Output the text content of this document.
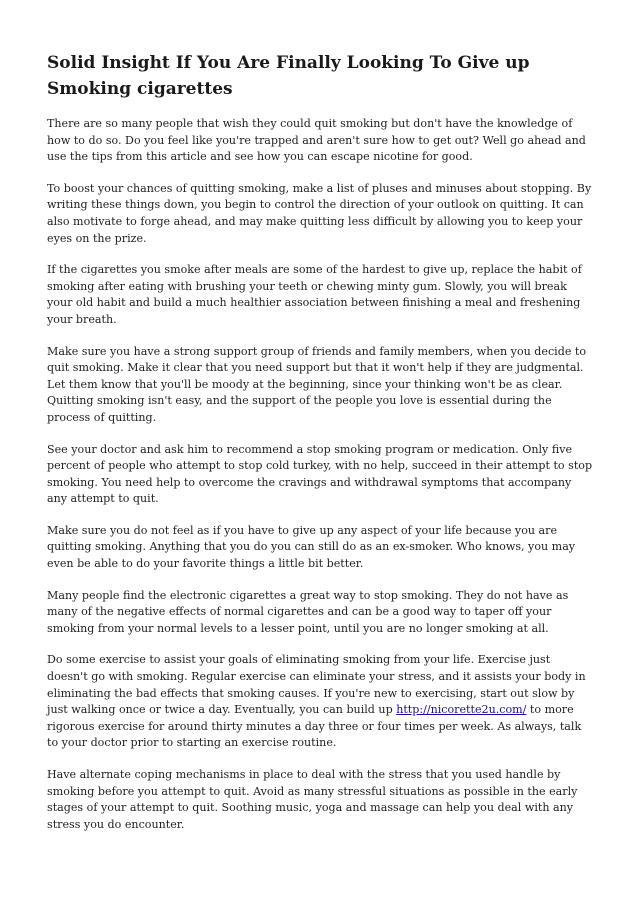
Solid Insight If You Are Finally Looking To Give up Smoking cigarettes

There are so many people that wish they could quit smoking but don't have the knowledge of how to do so. Do you feel like you're trapped and aren't sure how to get out? Well go ahead and use the tips from this article and see how you can escape nicotine for good.

To boost your chances of quitting smoking, make a list of pluses and minuses about stopping. By writing these things down, you begin to control the direction of your outlook on quitting. It can also motivate to forge ahead, and may make quitting less difficult by allowing you to keep your eyes on the prize.

If the cigarettes you smoke after meals are some of the hardest to give up, replace the habit of smoking after eating with brushing your teeth or chewing minty gum. Slowly, you will break your old habit and build a much healthier association between finishing a meal and freshening your breath.

Make sure you have a strong support group of friends and family members, when you decide to quit smoking. Make it clear that you need support but that it won't help if they are judgmental. Let them know that you'll be moody at the beginning, since your thinking won't be as clear. Quitting smoking isn't easy, and the support of the people you love is essential during the process of quitting.

See your doctor and ask him to recommend a stop smoking program or medication. Only five percent of people who attempt to stop cold turkey, with no help, succeed in their attempt to stop smoking. You need help to overcome the cravings and withdrawal symptoms that accompany any attempt to quit.

Make sure you do not feel as if you have to give up any aspect of your life because you are quitting smoking. Anything that you do you can still do as an ex-smoker. Who knows, you may even be able to do your favorite things a little bit better.

Many people find the electronic cigarettes a great way to stop smoking. They do not have as many of the negative effects of normal cigarettes and can be a good way to taper off your smoking from your normal levels to a lesser point, until you are no longer smoking at all.

Do some exercise to assist your goals of eliminating smoking from your life. Exercise just doesn't go with smoking. Regular exercise can eliminate your stress, and it assists your body in eliminating the bad effects that smoking causes. If you're new to exercising, start out slow by just walking once or twice a day. Eventually, you can build up http://nicorette2u.com/ to more rigorous exercise for around thirty minutes a day three or four times per week. As always, talk to your doctor prior to starting an exercise routine.

Have alternate coping mechanisms in place to deal with the stress that you used handle by smoking before you attempt to quit. Avoid as many stressful situations as possible in the early stages of your attempt to quit. Soothing music, yoga and massage can help you deal with any stress you do encounter.
